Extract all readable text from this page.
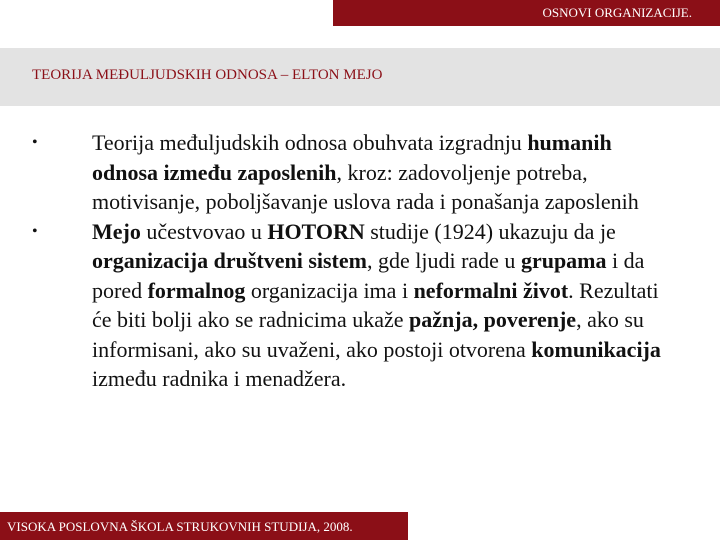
OSNOVI ORGANIZACIJE.
TEORIJA MEĐULJUDSKIH ODNOSA – ELTON MEJO
•	Teorija međuljudskih odnosa obuhvata izgradnju humanih odnosa između zaposlenih, kroz: zadovoljenje potreba, motivisanje, poboljšavanje uslova rada i ponašanja zaposlenih
•	Mejo učestvovao u HOTORN studije (1924) ukazuju da je organizacija društveni sistem, gde ljudi rade u grupama i da pored formalnog organizacija ima i neformalni život. Rezultati će biti bolji ako se radnicima ukaže pažnja, poverenje, ako su informisani, ako su uvaženi, ako postoji otvorena komunikacija između radnika i menadžera.
VISOKA POSLOVNA ŠKOLA STRUKOVNIH STUDIJA, 2008.
